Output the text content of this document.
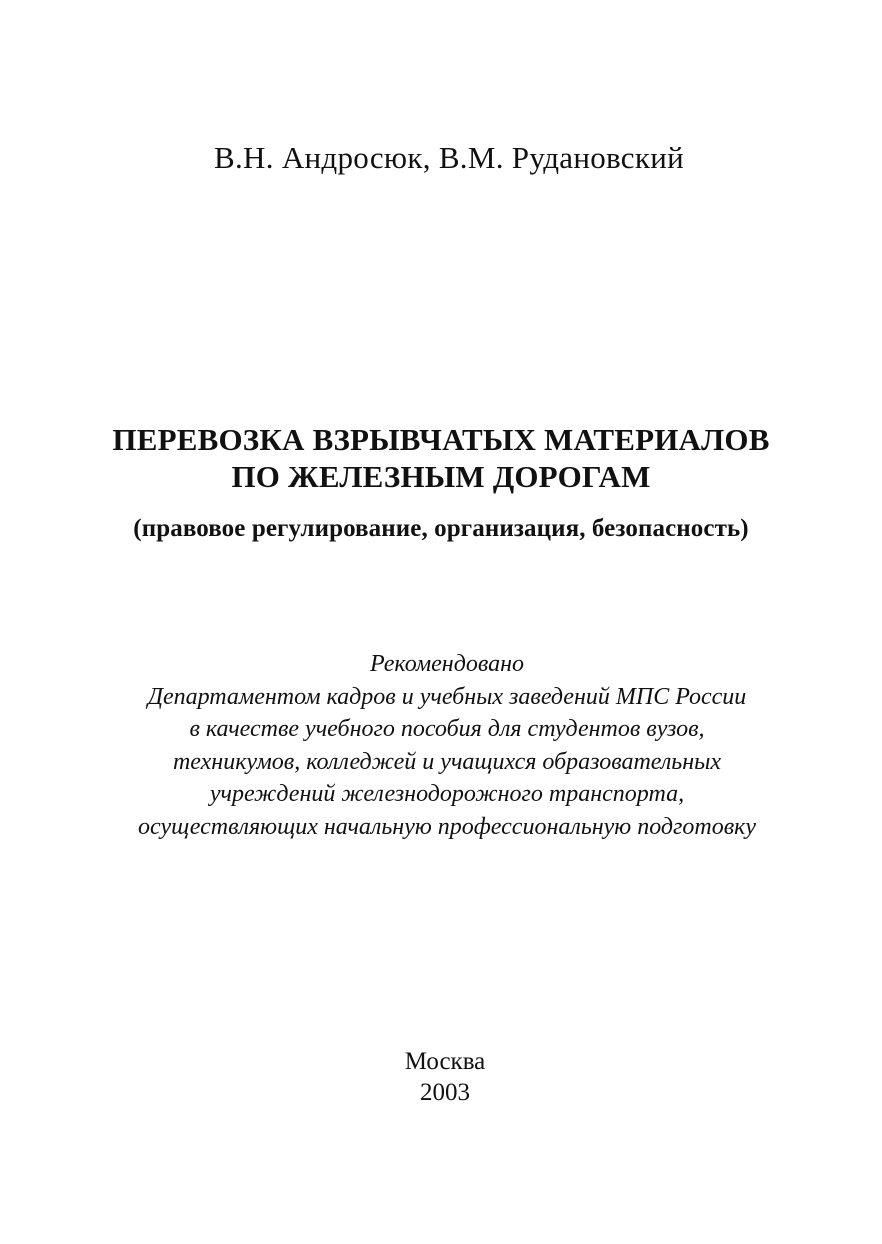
В.Н. Андросюк, В.М. Рудановский
ПЕРЕВОЗКА ВЗРЫВЧАТЫХ МАТЕРИАЛОВ
ПО ЖЕЛЕЗНЫМ ДОРОГАМ
(правовое регулирование, организация, безопасность)
Рекомендовано
Департаментом кадров и учебных заведений МПС России
в качестве учебного пособия для студентов вузов,
техникумов, колледжей и учащихся образовательных
учреждений железнодорожного транспорта,
осуществляющих начальную профессиональную подготовку
Москва
2003
